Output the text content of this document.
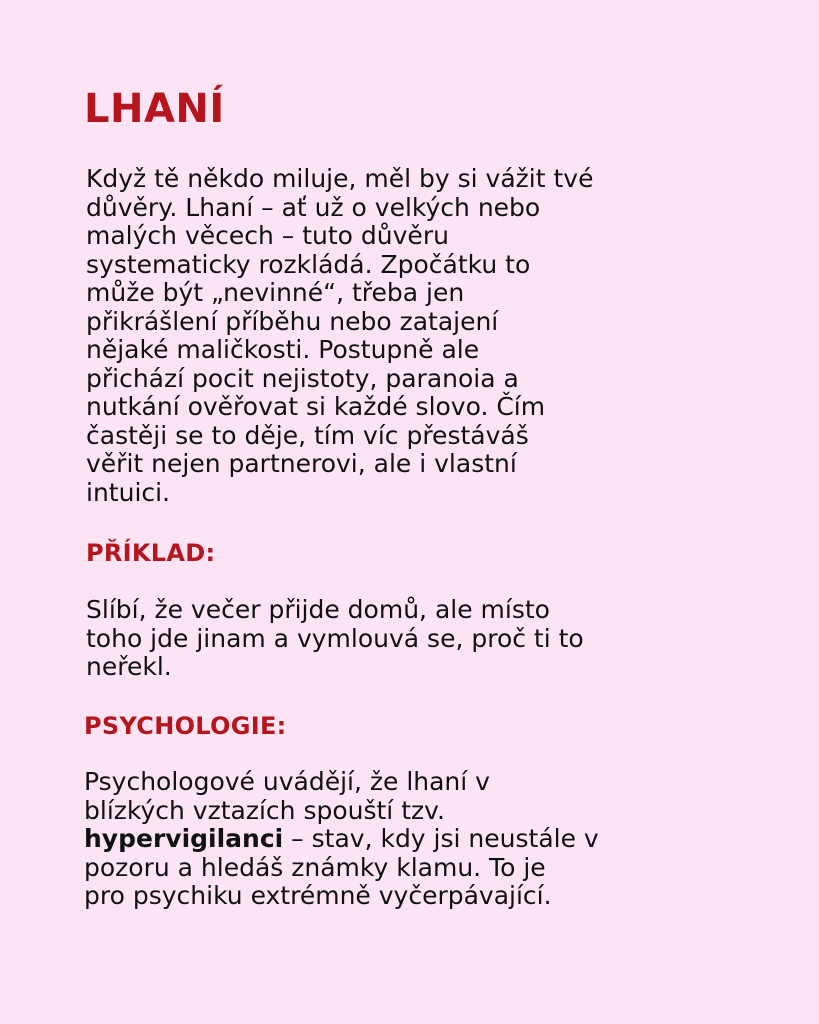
LHANÍ

Když tě někdo miluje, měl by si vážit tvé
důvěry. Lhaní – ať už o velkých nebo
malých věcech – tuto důvěru
systematicky rozkládá. Zpočátku to
může být „nevinné“, třeba jen
přikrášlení příběhu nebo zatajení
nějaké maličkosti. Postupně ale
přichází pocit nejistoty, paranoia a
nutkání ověřovat si každé slovo. Čím
častěji se to děje, tím víc přestáváš
věřit nejen partnerovi, ale i vlastní
intuici.

PŘÍKLAD:

Slíbí, že večer přijde domů, ale místo
toho jde jinam a vymlouvá se, proč ti to
neřekl.

PSYCHOLOGIE:

Psychologové uvádějí, že lhaní v
blízkých vztazích spouští tzv.
hypervigilanci – stav, kdy jsi neustále v
pozoru a hledáš známky klamu. To je
pro psychiku extrémně vyčerpávající.
